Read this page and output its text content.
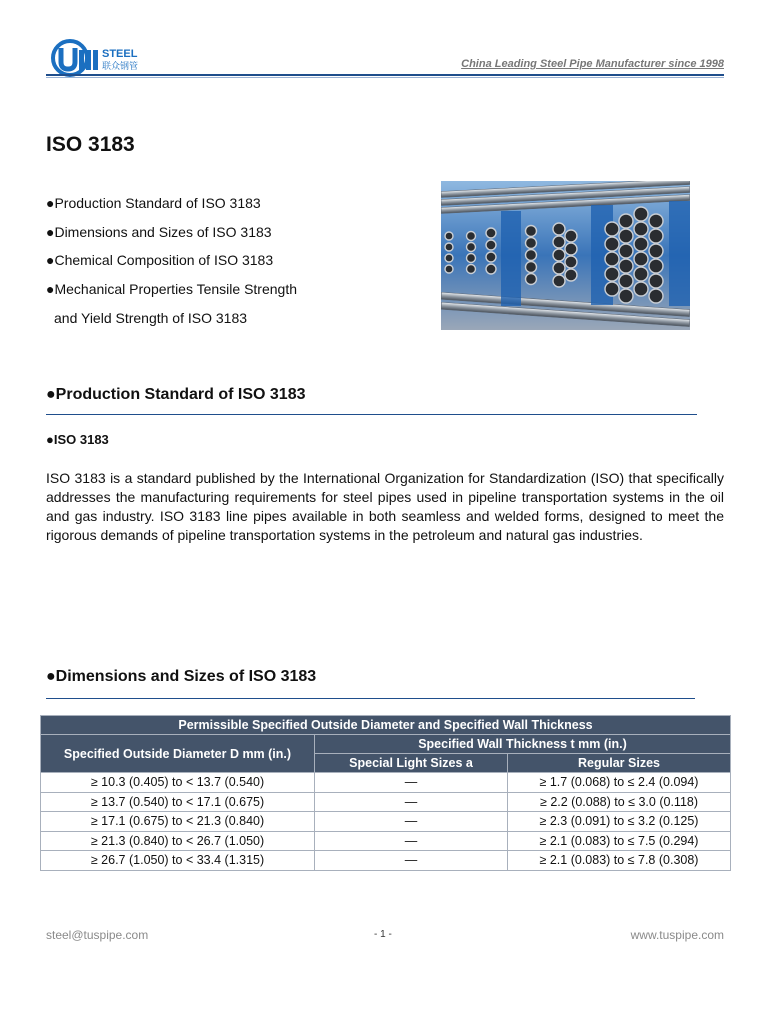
STEEL
联众钢管	China Leading Steel Pipe Manufacturer since 1998
ISO 3183
●Production Standard of ISO 3183
●Dimensions and Sizes of ISO 3183
●Chemical Composition of ISO 3183
●Mechanical Properties Tensile Strength
and Yield Strength of ISO 3183
●Production Standard of ISO 3183
●ISO 3183
ISO 3183 is a standard published by the International Organization for Standardization (ISO) that specifically addresses the manufacturing requirements for steel pipes used in pipeline transportation systems in the oil and gas industry. ISO 3183 line pipes available in both seamless and welded forms, designed to meet the rigorous demands of pipeline transportation systems in the petroleum and natural gas industries.
●Dimensions and Sizes of ISO 3183
Permissible Specified Outside Diameter and Specified Wall Thickness		
Specified Outside Diameter D mm (in.)	Specified Wall Thickness t mm (in.)	
	Special Light Sizes a	Regular Sizes
≥ 10.3 (0.405) to < 13.7 (0.540)	—	≥ 1.7 (0.068) to ≤ 2.4 (0.094)
≥ 13.7 (0.540) to < 17.1 (0.675)	—	≥ 2.2 (0.088) to ≤ 3.0 (0.118)
≥ 17.1 (0.675) to < 21.3 (0.840)	—	≥ 2.3 (0.091) to ≤ 3.2 (0.125)
≥ 21.3 (0.840) to < 26.7 (1.050)	—	≥ 2.1 (0.083) to ≤ 7.5 (0.294)
≥ 26.7 (1.050) to < 33.4 (1.315)	—	≥ 2.1 (0.083) to ≤ 7.8 (0.308)
steel@tuspipe.com	- 1 -	www.tuspipe.com
